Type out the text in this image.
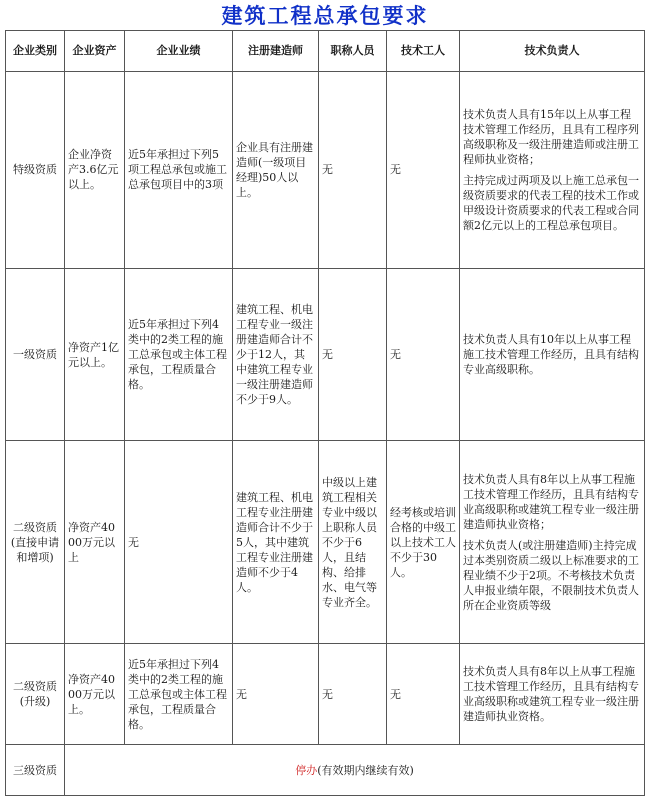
建筑工程总承包要求
企业类别	企业资产	企业业绩	注册建造师	职称人员	技术工人	技术负责人
特级资质	企业净资产3.6亿元以上。	近5年承担过下列5项工程总承包或施工总承包项目中的3项	企业具有注册建造师(一级项目经理)50人以上。	无	无	技术负责人具有15年以上从事工程技术管理工作经历，且具有工程序列高级职称及一级注册建造师或注册工程师执业资格；
主持完成过两项及以上施工总承包一级资质要求的代表工程的技术工作或甲级设计资质要求的代表工程或合同额2亿元以上的工程总承包项目。

一级资质	净资产1亿元以上。	近5年承担过下列4类中的2类工程的施工总承包或主体工程承包，工程质量合格。	建筑工程、机电工程专业一级注册建造师合计不少于12人，其中建筑工程专业一级注册建造师不少于9人。	无	无	技术负责人具有10年以上从事工程施工技术管理工作经历，且具有结构专业高级职称。
二级资质(直接申请和增项)	净资产4000万元以上	无	建筑工程、机电工程专业注册建造师合计不少于5人，其中建筑工程专业注册建造师不少于4人。	中级以上建筑工程相关专业中级以上职称人员不少于6人，且结构、给排水、电气等专业齐全。	经考核或培训合格的中级工以上技术工人不少于30人。	技术负责人具有8年以上从事工程施工技术管理工作经历，且具有结构专业高级职称或建筑工程专业一级注册建造师执业资格；
技术负责人(或注册建造师)主持完成过本类别资质二级以上标准要求的工程业绩不少于2项。不考核技术负责人申报业绩年限，不限制技术负责人所在企业资质等级

二级资质(升级)	净资产4000万元以上。	近5年承担过下列4类中的2类工程的施工总承包或主体工程承包，工程质量合格。	无	无	无	技术负责人具有8年以上从事工程施工技术管理工作经历，且具有结构专业高级职称或建筑工程专业一级注册建造师执业资格。
三级资质	停办(有效期内继续有效)					
